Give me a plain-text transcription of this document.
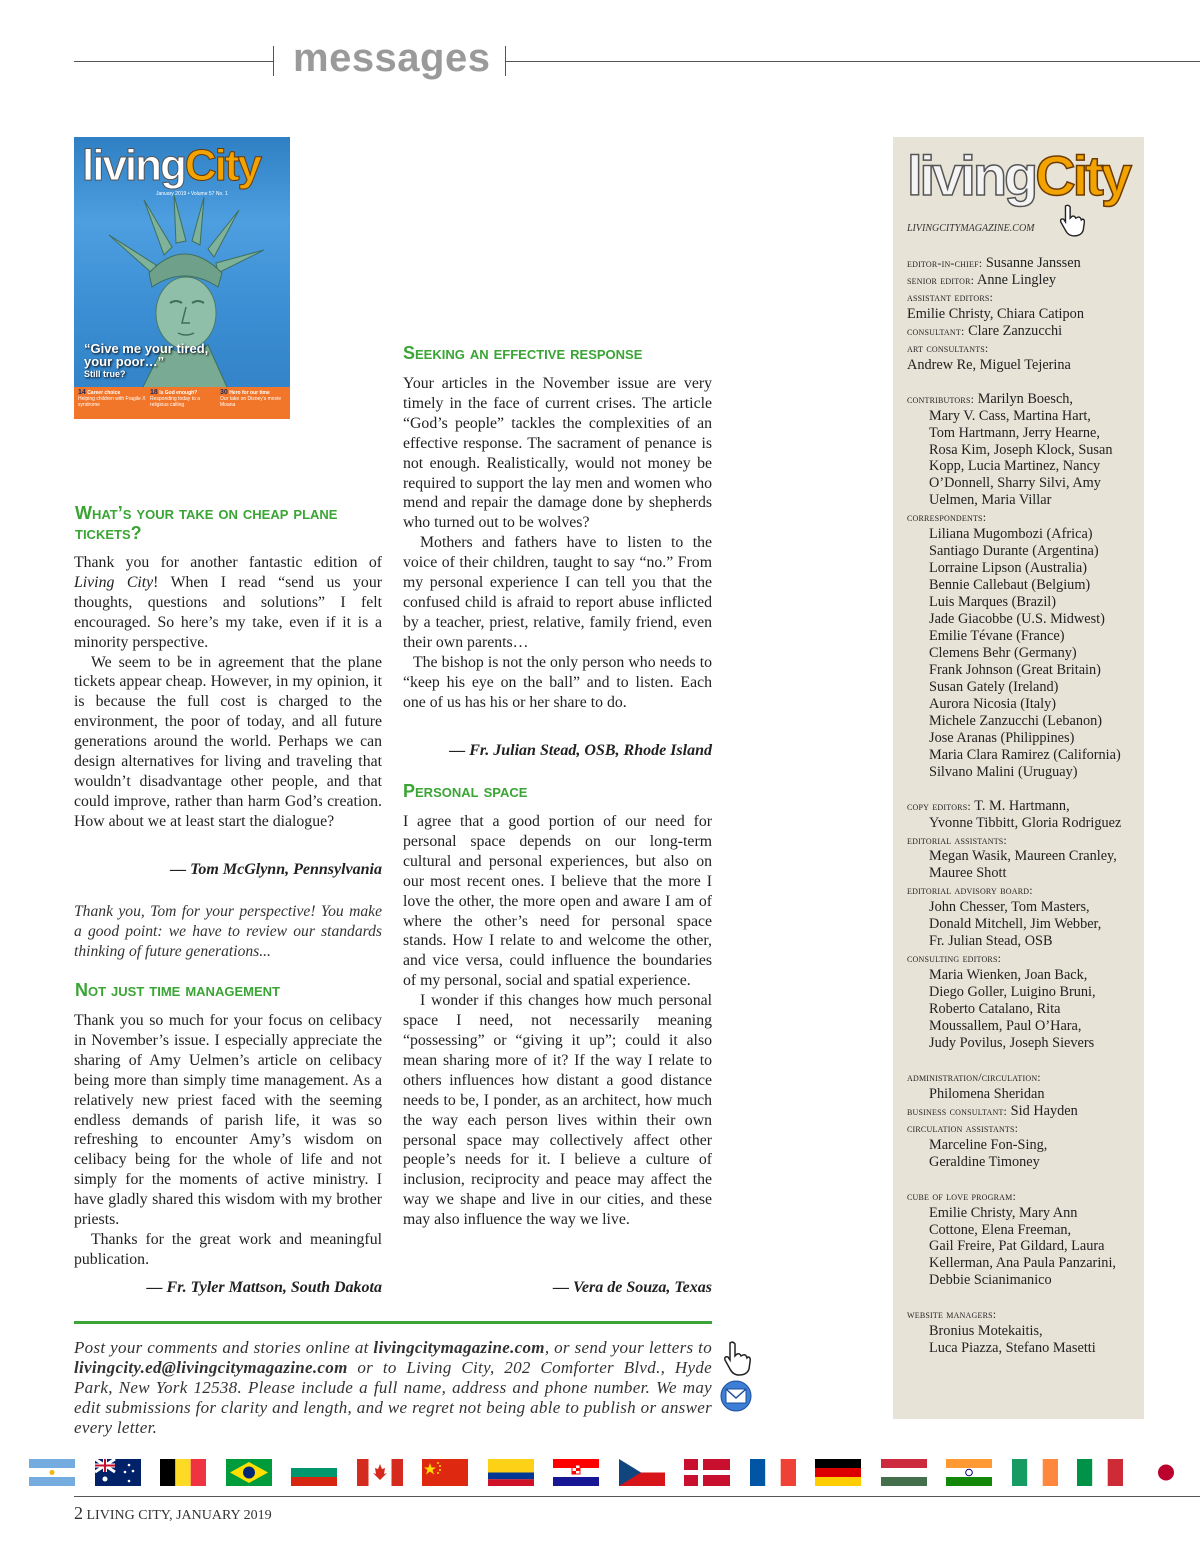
messages
livingCity
January 2019 • Volume 57 No. 1
“Give me your tired, your poor…”
Still true?
14 Career choice
Helping children with Fragile X syndrome
18 Is God enough?
Responding today to a religious calling
30 Hero for our time
Our take on Disney's movie Moana
What’s your take on cheap plane tickets?

Thank you for another fantastic edition of Living City! When I read “send us your thoughts, questions and solutions” I felt encouraged. So here’s my take, even if it is a minority perspective.

We seem to be in agreement that the plane tickets appear cheap. However, in my opinion, it is because the full cost is charged to the environment, the poor of today, and all future generations around the world. Perhaps we can design alternatives for living and traveling that wouldn’t disadvantage other people, and that could improve, rather than harm God’s creation. How about we at least start the dialogue?

— Tom McGlynn, Pennsylvania
Thank you, Tom for your perspective! You make a good point: we have to review our standards thinking of future generations...
Not just time management

Thank you so much for your focus on celibacy in November’s issue. I especially appreciate the sharing of Amy Uelmen’s article on celibacy being more than simply time management. As a relatively new priest faced with the seeming endless demands of parish life, it was so refreshing to encounter Amy’s wisdom on celibacy being for the whole of life and not simply for the moments of active ministry. I have gladly shared this wisdom with my brother priests.

Thanks for the great work and meaningful publication.

— Fr. Tyler Mattson, South Dakota
Seeking an effective response

Your articles in the November issue are very timely in the face of current crises. The article “God’s people” tackles the complexities of an effective response. The sacrament of penance is not enough. Realistically, would not money be required to support the lay men and women who mend and repair the damage done by shepherds who turned out to be wolves?

Mothers and fathers have to listen to the voice of their children, taught to say “no.” From my personal experience I can tell you that the confused child is afraid to report abuse inflicted by a teacher, priest, relative, family friend, even their own parents…

The bishop is not the only person who needs to “keep his eye on the ball” and to listen. Each one of us has his or her share to do.

— Fr. Julian Stead, OSB, Rhode Island
Personal space

I agree that a good portion of our need for personal space depends on our long-term cultural and personal experiences, but also on our most recent ones. I believe that the more I love the other, the more open and aware I am of where the other’s need for personal space stands. How I relate to and welcome the other, and vice versa, could influence the boundaries of my personal, social and spatial experience.

I wonder if this changes how much personal space I need, not necessarily meaning “possessing” or “giving it up”; could it also mean sharing more of it? If the way I relate to others influences how distant a good distance needs to be, I ponder, as an architect, how much the way each person lives within their own personal space may collectively affect other people’s needs for it. I believe a culture of inclusion, reciprocity and peace may affect the way we shape and live in our cities, and these may also influence the way we live.

— Vera de Souza, Texas
Post your comments and stories online at livingcitymagazine.com, or send your letters to livingcity.ed@livingcitymagazine.com or to Living City, 202 Comforter Blvd., Hyde Park, New York 12538. Please include a full name, address and phone number. We may edit submissions for clarity and length, and we regret not being able to publish or answer every letter.
livingCity
LIVINGCITYMAGAZINE.COM
editor-in-chief: Susanne Janssen
senior editor: Anne Lingley
assistant editors:
Emilie Christy, Chiara Catipon
consultant: Clare Zanzucchi
art consultants:
Andrew Re, Miguel Tejerina
contributors: Marilyn Boesch,
Mary V. Cass, Martina Hart,
Tom Hartmann, Jerry Hearne,
Rosa Kim, Joseph Klock, Susan
Kopp, Lucia Martinez, Nancy
O’Donnell, Sharry Silvi, Amy
Uelmen, Maria Villar
correspondents:
Liliana Mugombozi (Africa)
Santiago Durante (Argentina)
Lorraine Lipson (Australia)
Bennie Callebaut (Belgium)
Luis Marques (Brazil)
Jade Giacobbe (U.S. Midwest)
Emilie Tévane (France)
Clemens Behr (Germany)
Frank Johnson (Great Britain)
Susan Gately (Ireland)
Aurora Nicosia (Italy)
Michele Zanzucchi (Lebanon)
Jose Aranas (Philippines)
Maria Clara Ramirez (California)
Silvano Malini (Uruguay)
copy editors: T. M. Hartmann,
Yvonne Tibbitt, Gloria Rodriguez
editorial assistants:
Megan Wasik, Maureen Cranley,
Mauree Shott
editorial advisory board:
John Chesser, Tom Masters,
Donald Mitchell, Jim Webber,
Fr. Julian Stead, OSB
consulting editors:
Maria Wienken, Joan Back,
Diego Goller, Luigino Bruni,
Roberto Catalano, Rita
Moussallem, Paul O’Hara,
Judy Povilus, Joseph Sievers
administration/circulation:
Philomena Sheridan
business consultant: Sid Hayden
circulation assistants:
Marceline Fon-Sing,
Geraldine Timoney
cube of love program:
Emilie Christy, Mary Ann
Cottone, Elena Freeman,
Gail Freire, Pat Gildard, Laura
Kellerman, Ana Paula Panzarini,
Debbie Scianimanico
website managers:
Bronius Motekaitis,
Luca Piazza, Stefano Masetti
2 LIVING CITY, JANUARY 2019
